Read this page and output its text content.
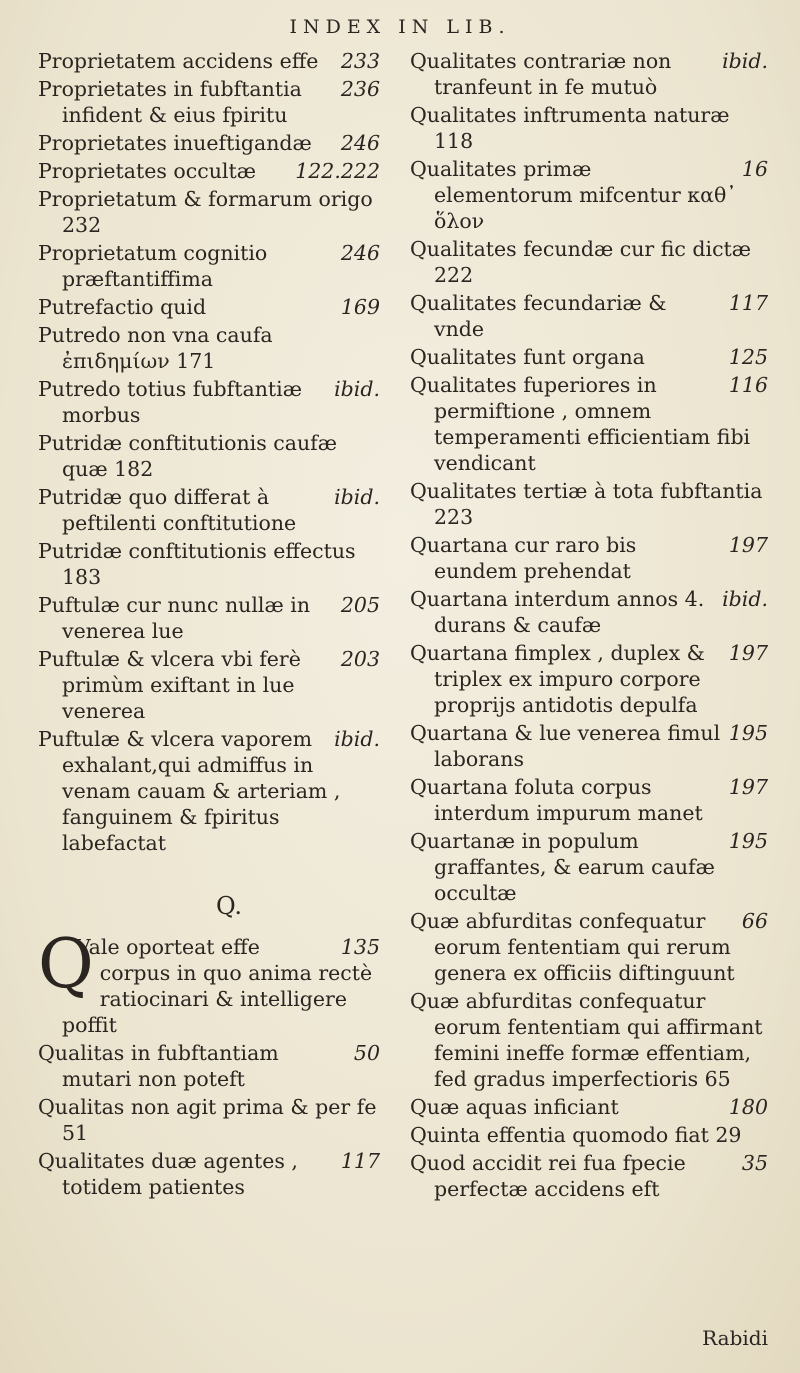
INDEX IN LIB.
233
Proprietatem accidens effe
236
Proprietates in fubftantia infident & eius fpiritu
246
Proprietates inueftigandæ
122.222
Proprietates occultæ
Proprietatum & formarum origo 232
246
Proprietatum cognitio præftantiffima
169
Putrefactio quid
Putredo non vna caufa ἐπιδημίων 171
ibid.
Putredo totius fubftantiæ morbus
Putridæ conftitutionis caufæ quæ 182
ibid.
Putridæ quo differat à peftilenti conftitutione
Putridæ conftitutionis effectus 183
205
Puftulæ cur nunc nullæ in venerea lue
203
Puftulæ & vlcera vbi ferè primùm exiftant in lue venerea
ibid.
Puftulæ & vlcera vaporem exhalant,qui admiffus in venam cauam & arteriam , fanguinem & fpiritus labefactat
Q.
Q	135
Vale oporteat effe corpus in quo anima rectè ratiocinari & intelligere poffit
50
Qualitas in fubftantiam mutari non poteft
Qualitas non agit prima & per fe 51
117
Qualitates duæ agentes , totidem patientes
ibid.
Qualitates contrariæ non tranfeunt in fe mutuò
Qualitates inftrumenta naturæ 118
16
Qualitates primæ elementorum mifcentur καθ᾽ ὅλον
Qualitates fecundæ cur fic dictæ 222
117
Qualitates fecundariæ & vnde
125
Qualitates funt organa
116
Qualitates fuperiores in permiftione , omnem temperamenti efficientiam fibi vendicant
Qualitates tertiæ à tota fubftantia 223
197
Quartana cur raro bis eundem prehendat
ibid.
Quartana interdum annos 4. durans & caufæ
197
Quartana fimplex , duplex & triplex ex impuro corpore proprijs antidotis depulfa
195
Quartana & lue venerea fimul laborans
197
Quartana foluta corpus interdum impurum manet
195
Quartanæ in populum graffantes, & earum caufæ occultæ
66
Quæ abfurditas confequatur eorum fententiam qui rerum genera ex officiis diftinguunt
Quæ abfurditas confequatur eorum fententiam qui affirmant femini ineffe formæ effentiam, fed gradus imperfectioris 65
180
Quæ aquas inficiant
Quinta effentia quomodo fiat 29
35
Quod accidit rei fua fpecie perfectæ accidens eft
Rabidi
